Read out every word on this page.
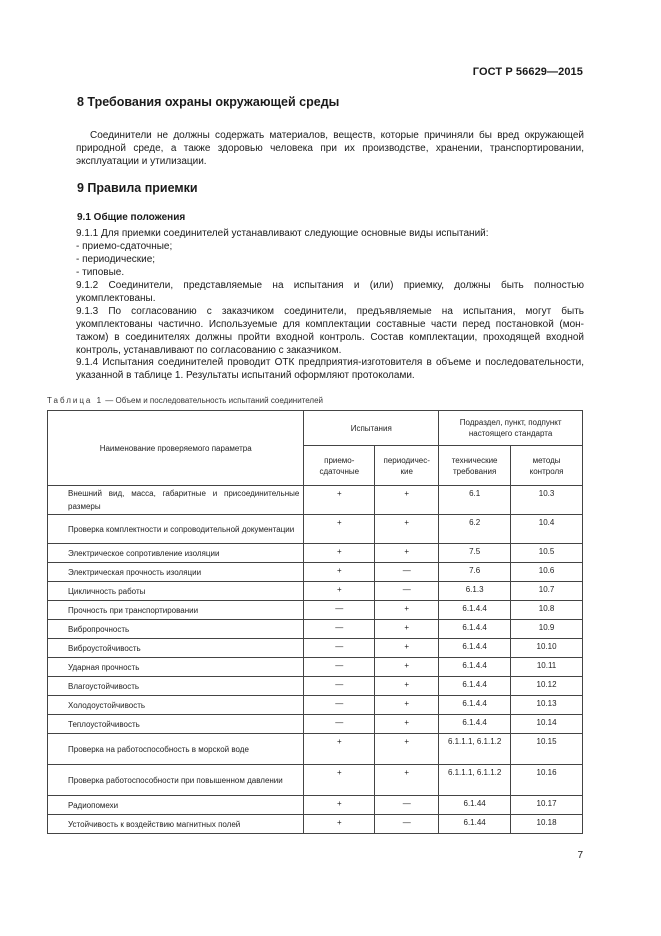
ГОСТ Р 56629—2015
8 Требования охраны окружающей среды
Соединители не должны содержать материалов, веществ, которые причиняли бы вред окружающей природной среде, а также здоровью человека при их производстве, хранении, транспортировании, эксплуатации и утилизации.
9 Правила приемки
9.1 Общие положения
9.1.1 Для приемки соединителей устанавливают следующие основные виды испытаний:
- приемо-сдаточные;
- периодические;
- типовые.
9.1.2 Соединители, представляемые на испытания и (или) приемку, должны быть полностью укомплектованы.
9.1.3 По согласованию с заказчиком соединители, предъявляемые на испытания, могут быть укомплектованы частично. Используемые для комплектации составные части перед постановкой (монтажом) в соединителях должны пройти входной контроль. Состав комплектации, проходящей входной контроль, устанавливают по согласованию с заказчиком.
9.1.4 Испытания соединителей проводит ОТК предприятия-изготовителя в объеме и последовательности, указанной в таблице 1. Результаты испытаний оформляют протоколами.
Таблица 1 — Объем и последовательность испытаний соединителей
Наименование проверяемого параметра	Испытания		Подраздел, пункт, подпункт настоящего стандарта	
	приемо-сдаточные	периодичес-кие	технические требования	методы контроля
Внешний вид, масса, габаритные и присоединительные размеры	+	+	6.1	10.3
Проверка комплектности и сопроводительной документации	+	+	6.2	10.4
Электрическое сопротивление изоляции	+	+	7.5	10.5
Электрическая прочность изоляции	+	—	7.6	10.6
Цикличность работы	+	—	6.1.3	10.7
Прочность при транспортировании	—	+	6.1.4.4	10.8
Вибропрочность	—	+	6.1.4.4	10.9
Виброустойчивость	—	+	6.1.4.4	10.10
Ударная прочность	—	+	6.1.4.4	10.11
Влагоустойчивость	—	+	6.1.4.4	10.12
Холодоустойчивость	—	+	6.1.4.4	10.13
Теплоустойчивость	—	+	6.1.4.4	10.14
Проверка на работоспособность в морской воде	+	+	6.1.1.1, 6.1.1.2	10.15
Проверка работоспособности при повышенном давлении	+	+	6.1.1.1, 6.1.1.2	10.16
Радиопомехи	+	—	6.1.44	10.17
Устойчивость к воздействию магнитных полей	+	—	6.1.44	10.18
7
